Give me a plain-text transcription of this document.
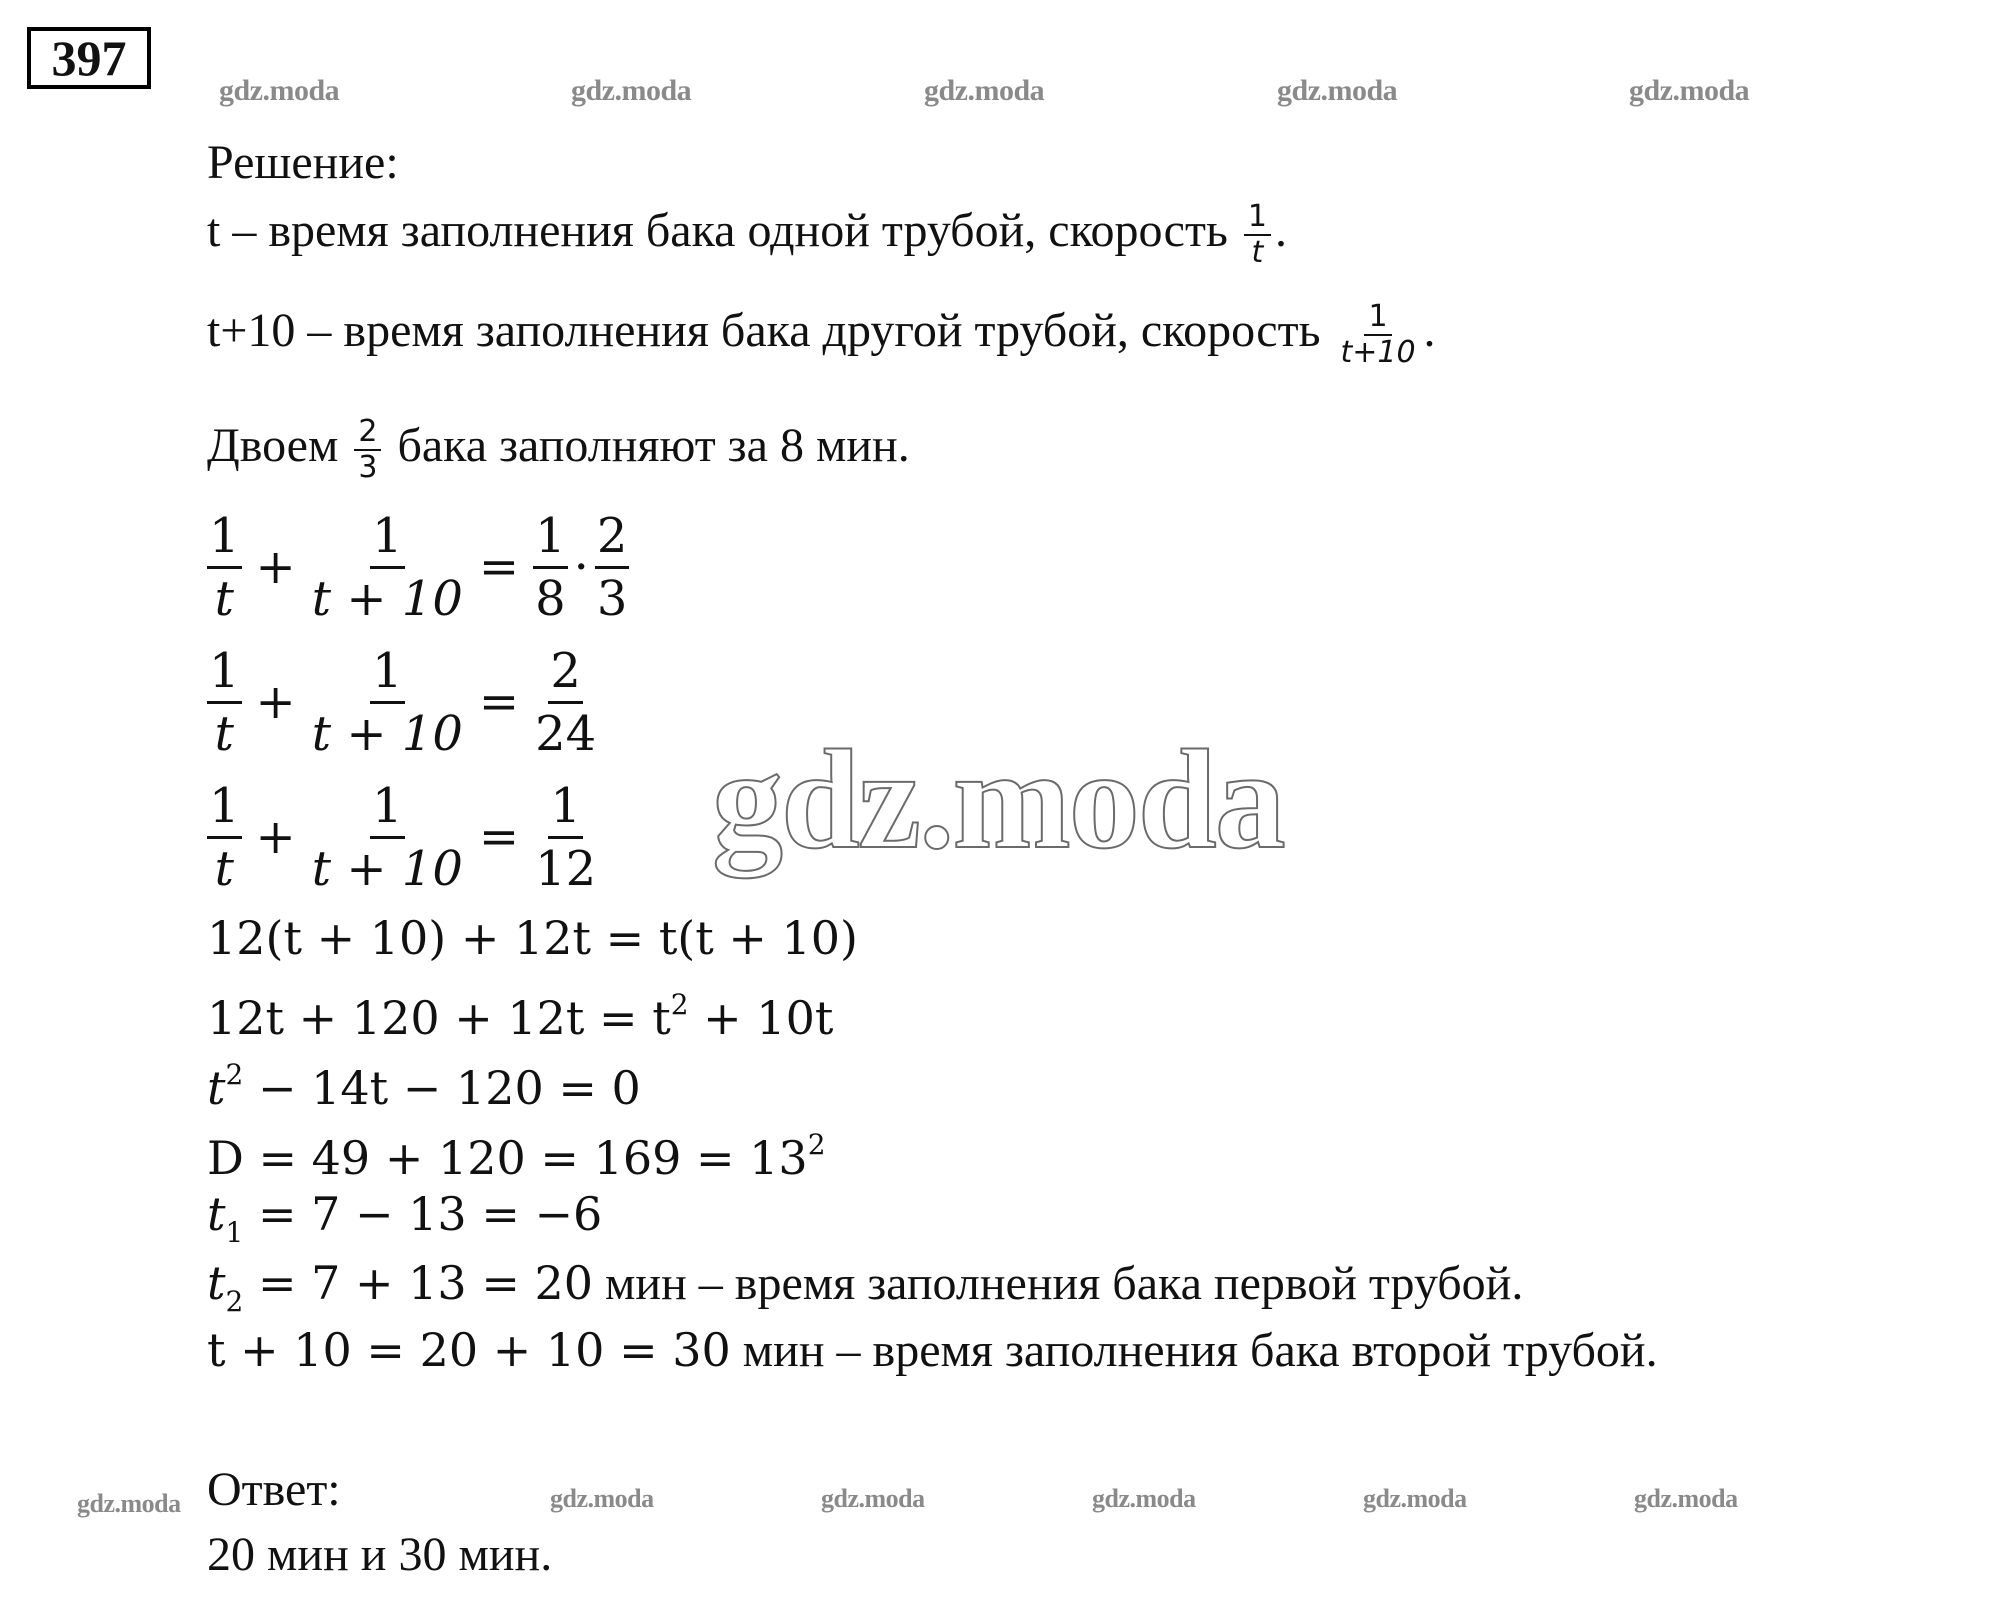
397
gdz.moda	gdz.moda	gdz.moda	gdz.moda	gdz.moda
Решение:
t – время заполнения бака одной трубой, скорость $\frac{1}{t}$ .
t+10 – время заполнения бака другой трубой, скорость $\frac{1}{t+10}$ .
Двоем $\frac{2}{3}$ бака заполняют за 8 мин.
$\frac{1}{t} + \frac{1}{t + 10} = \frac{1}{8} \cdot \frac{2}{3}$
$\frac{1}{t} + \frac{1}{t + 10} = \frac{2}{24}$
$\frac{1}{t} + \frac{1}{t + 10} = \frac{1}{12}$ gdz.moda
12(t + 10) + 12t = t(t + 10)
$12t + 120 + 12t = t^2 + 10t$
$t^2 - 14t - 120 = 0$
$D = 49 + 120 = 169 = 13^2$
$t_1 = 7 - 13 = -6$
$t_2 = 7 + 13 = 20$ мин – время заполнения бака первой трубой.
t + 10 = 20 + 10 = 30 мин – время заполнения бака второй трубой.
gdz.moda	gdz.moda	gdz.moda	gdz.moda	gdz.moda	gdz.moda
Ответ:
20 мин и 30 мин.
